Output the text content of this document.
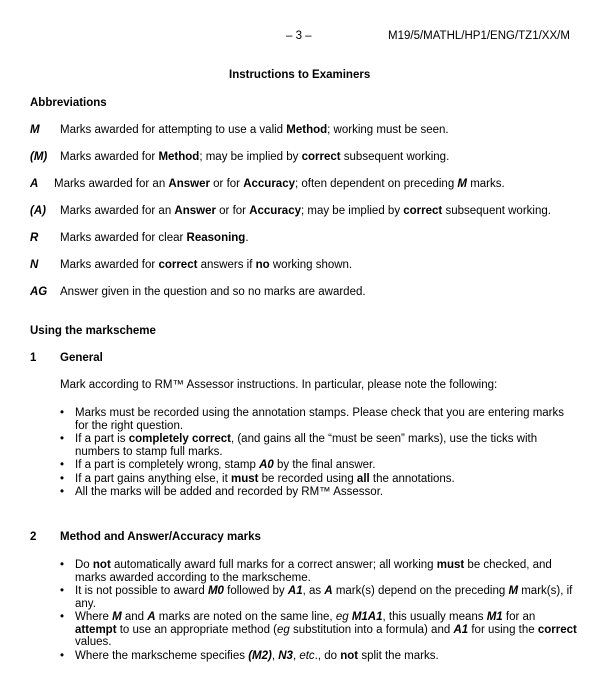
– 3 –	M19/5/MATHL/HP1/ENG/TZ1/XX/M
Instructions to Examiners
Abbreviations
M Marks awarded for attempting to use a valid Method; working must be seen.
(M) Marks awarded for Method; may be implied by correct subsequent working.
A Marks awarded for an Answer or for Accuracy; often dependent on preceding M marks.
(A) Marks awarded for an Answer or for Accuracy; may be implied by correct subsequent working.
R Marks awarded for clear Reasoning.
N Marks awarded for correct answers if no working shown.
AG Answer given in the question and so no marks are awarded.
Using the markscheme
1 General
Mark according to RM™ Assessor instructions. In particular, please note the following:
• Marks must be recorded using the annotation stamps. Please check that you are entering marks for the right question.
• If a part is completely correct, (and gains all the “must be seen” marks), use the ticks with numbers to stamp full marks.
• If a part is completely wrong, stamp A0 by the final answer.
• If a part gains anything else, it must be recorded using all the annotations.
• All the marks will be added and recorded by RM™ Assessor.
2 Method and Answer/Accuracy marks
• Do not automatically award full marks for a correct answer; all working must be checked, and marks awarded according to the markscheme.
• It is not possible to award M0 followed by A1, as A mark(s) depend on the preceding M mark(s), if any.
• Where M and A marks are noted on the same line, eg M1A1, this usually means M1 for an attempt to use an appropriate method (eg substitution into a formula) and A1 for using the correct values.
• Where the markscheme specifies (M2), N3, etc., do not split the marks.
